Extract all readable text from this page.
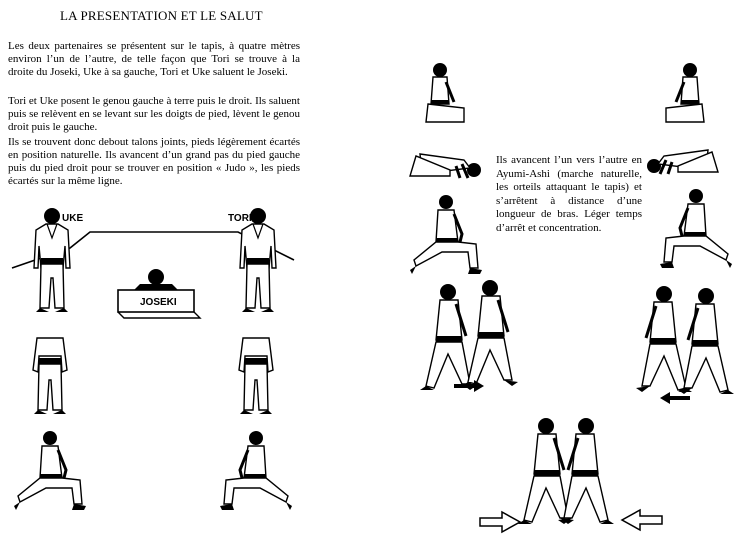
LA PRESENTATION ET LE SALUT

Les deux partenaires se présentent sur le tapis, à quatre mètres environ l’un de l’autre, de telle façon que Tori se trouve à la droite du Joseki, Uke à sa gauche, Tori et Uke saluent le Joseki.

Tori et Uke posent le genou gauche à terre puis le droit. Ils saluent puis se relèvent en se levant sur les doigts de pied, lèvent le genou droit puis le gauche.

Ils se trouvent donc debout talons joints, pieds légèrement écartés en position naturelle. Ils avancent d’un grand pas du pied gauche puis du pied droit pour se trouver en position « Judo », les pieds écartés sur la même ligne.

Ils avancent l’un vers l’autre en Ayumi-Ashi (marche naturelle, les orteils attaquant le tapis) et s’arrêtent à distance d’une longueur de bras. Léger temps d’arrêt et concentration.

UKE	TORI
JOSEKI
